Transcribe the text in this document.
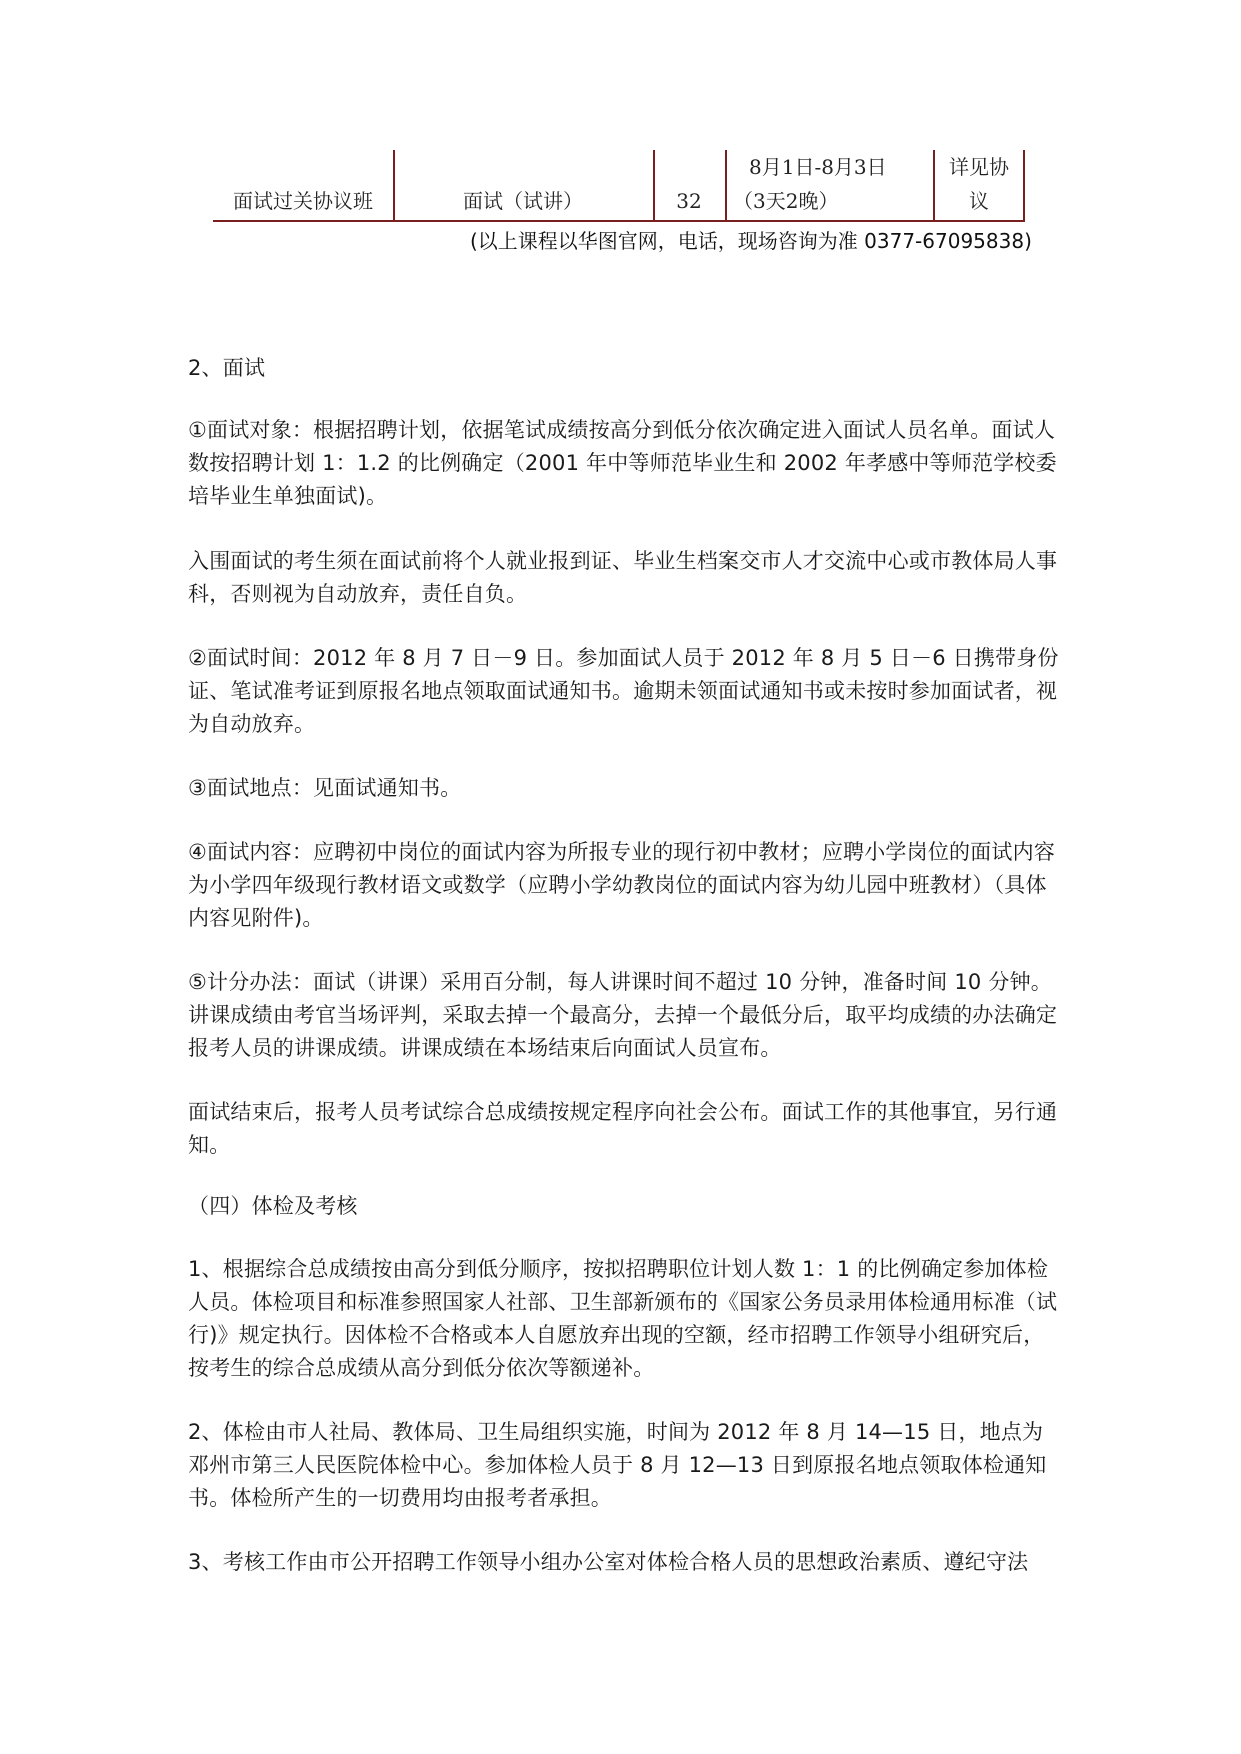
面试过关协议班	面试（试讲）	32
8月1日-8月3日
（3天2晚）
详见协
议
(以上课程以华图官网，电话，现场咨询为准 0377-67095838)
2、面试
①面试对象：根据招聘计划，依据笔试成绩按高分到低分依次确定进入面试人员名单。面试人数按招聘计划 1：1.2 的比例确定（2001 年中等师范毕业生和 2002 年孝感中等师范学校委培毕业生单独面试)。
入围面试的考生须在面试前将个人就业报到证、毕业生档案交市人才交流中心或市教体局人事科，否则视为自动放弃，责任自负。
②面试时间：2012 年 8 月 7 日－9 日。参加面试人员于 2012 年 8 月 5 日－6 日携带身份证、笔试准考证到原报名地点领取面试通知书。逾期未领面试通知书或未按时参加面试者，视为自动放弃。
③面试地点：见面试通知书。
④面试内容：应聘初中岗位的面试内容为所报专业的现行初中教材；应聘小学岗位的面试内容为小学四年级现行教材语文或数学（应聘小学幼教岗位的面试内容为幼儿园中班教材）（具体内容见附件)。
⑤计分办法：面试（讲课）采用百分制，每人讲课时间不超过 10 分钟，准备时间 10 分钟。讲课成绩由考官当场评判，采取去掉一个最高分，去掉一个最低分后，取平均成绩的办法确定报考人员的讲课成绩。讲课成绩在本场结束后向面试人员宣布。
面试结束后，报考人员考试综合总成绩按规定程序向社会公布。面试工作的其他事宜，另行通知。
（四）体检及考核
1、根据综合总成绩按由高分到低分顺序，按拟招聘职位计划人数 1：1 的比例确定参加体检人员。体检项目和标准参照国家人社部、卫生部新颁布的《国家公务员录用体检通用标准（试行)》规定执行。因体检不合格或本人自愿放弃出现的空额，经市招聘工作领导小组研究后，按考生的综合总成绩从高分到低分依次等额递补。
2、体检由市人社局、教体局、卫生局组织实施，时间为 2012 年 8 月 14—15 日，地点为邓州市第三人民医院体检中心。参加体检人员于 8 月 12—13 日到原报名地点领取体检通知书。体检所产生的一切费用均由报考者承担。
3、考核工作由市公开招聘工作领导小组办公室对体检合格人员的思想政治素质、遵纪守法
